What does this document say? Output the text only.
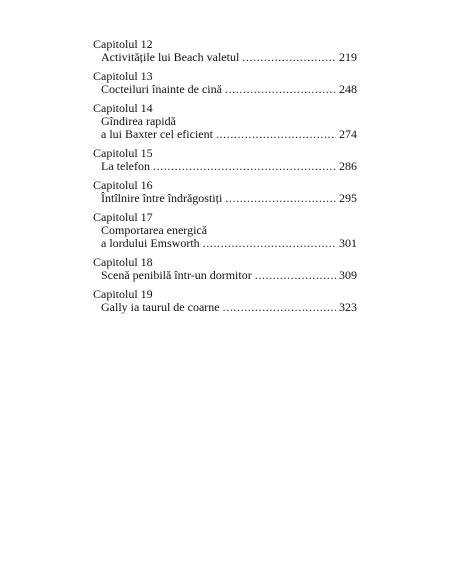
Capitolul 12
Activitățile lui Beach valetul .....	219
Capitolul 13
Cocteiluri înainte de cină .....	248
Capitolul 14
Gîndirea rapidă
a lui Baxter cel eficient .....	274
Capitolul 15
La telefon .....	286
Capitolul 16
Întîlnire între îndrăgostiți .....	295
Capitolul 17
Comportarea energică
a lordului Emsworth .....	301
Capitolul 18
Scenă penibilă într-un dormitor .....	309
Capitolul 19
Gally ia taurul de coarne .....	323
